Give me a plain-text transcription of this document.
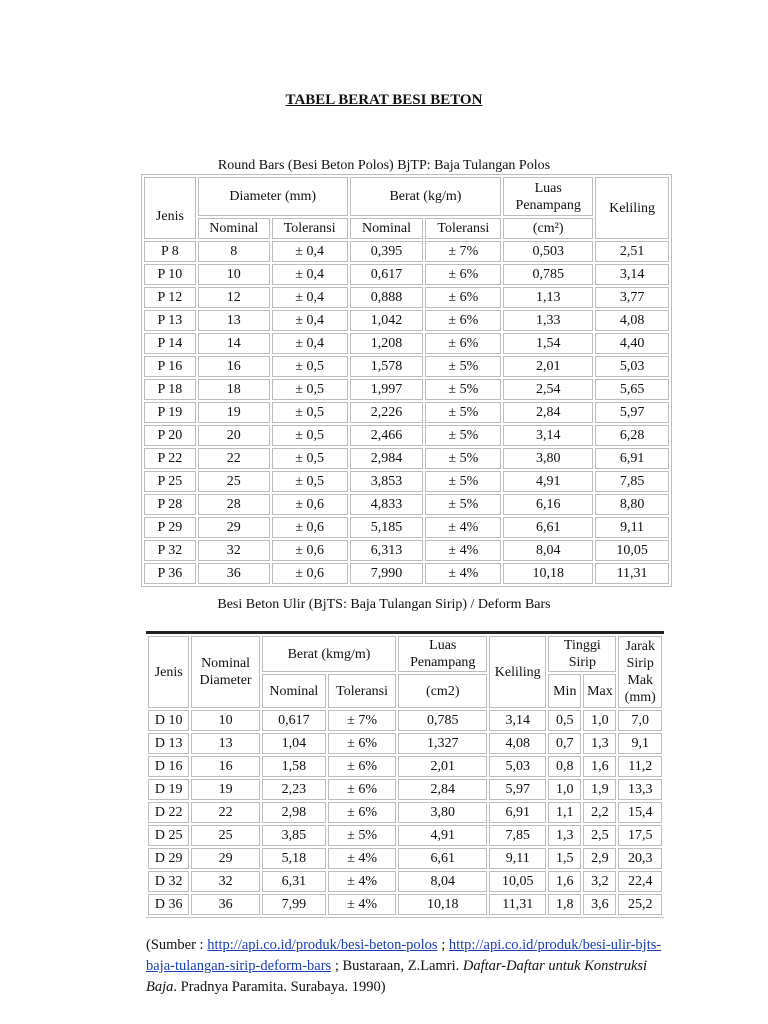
TABEL BERAT BESI BETON
Round Bars (Besi Beton Polos) BjTP: Baja Tulangan Polos
Jenis	Diameter (mm)		Berat (kg/m)		Luas Penampang	Keliling
	Nominal	Toleransi	Nominal	Toleransi	(cm²)	
P 8	8	± 0,4	0,395	± 7%	0,503	2,51
P 10	10	± 0,4	0,617	± 6%	0,785	3,14
P 12	12	± 0,4	0,888	± 6%	1,13	3,77
P 13	13	± 0,4	1,042	± 6%	1,33	4,08
P 14	14	± 0,4	1,208	± 6%	1,54	4,40
P 16	16	± 0,5	1,578	± 5%	2,01	5,03
P 18	18	± 0,5	1,997	± 5%	2,54	5,65
P 19	19	± 0,5	2,226	± 5%	2,84	5,97
P 20	20	± 0,5	2,466	± 5%	3,14	6,28
P 22	22	± 0,5	2,984	± 5%	3,80	6,91
P 25	25	± 0,5	3,853	± 5%	4,91	7,85
P 28	28	± 0,6	4,833	± 5%	6,16	8,80
P 29	29	± 0,6	5,185	± 4%	6,61	9,11
P 32	32	± 0,6	6,313	± 4%	8,04	10,05
P 36	36	± 0,6	7,990	± 4%	10,18	11,31
Besi Beton Ulir (BjTS: Baja Tulangan Sirip) / Deform Bars
Jenis	Nominal Diameter	Berat (kmg/m)		Luas Penampang	Keliling	Tinggi Sirip		Jarak Sirip Mak (mm)
		Nominal	Toleransi	(cm2)		Min	Max	
D 10	10	0,617	± 7%	0,785	3,14	0,5	1,0	7,0
D 13	13	1,04	± 6%	1,327	4,08	0,7	1,3	9,1
D 16	16	1,58	± 6%	2,01	5,03	0,8	1,6	11,2
D 19	19	2,23	± 6%	2,84	5,97	1,0	1,9	13,3
D 22	22	2,98	± 6%	3,80	6,91	1,1	2,2	15,4
D 25	25	3,85	± 5%	4,91	7,85	1,3	2,5	17,5
D 29	29	5,18	± 4%	6,61	9,11	1,5	2,9	20,3
D 32	32	6,31	± 4%	8,04	10,05	1,6	3,2	22,4
D 36	36	7,99	± 4%	10,18	11,31	1,8	3,6	25,2
(Sumber : http://api.co.id/produk/besi-beton-polos ; http://api.co.id/produk/besi-ulir-bjts-baja-tulangan-sirip-deform-bars ; Bustaraan, Z.Lamri. Daftar-Daftar untuk Konstruksi Baja. Pradnya Paramita. Surabaya. 1990)
